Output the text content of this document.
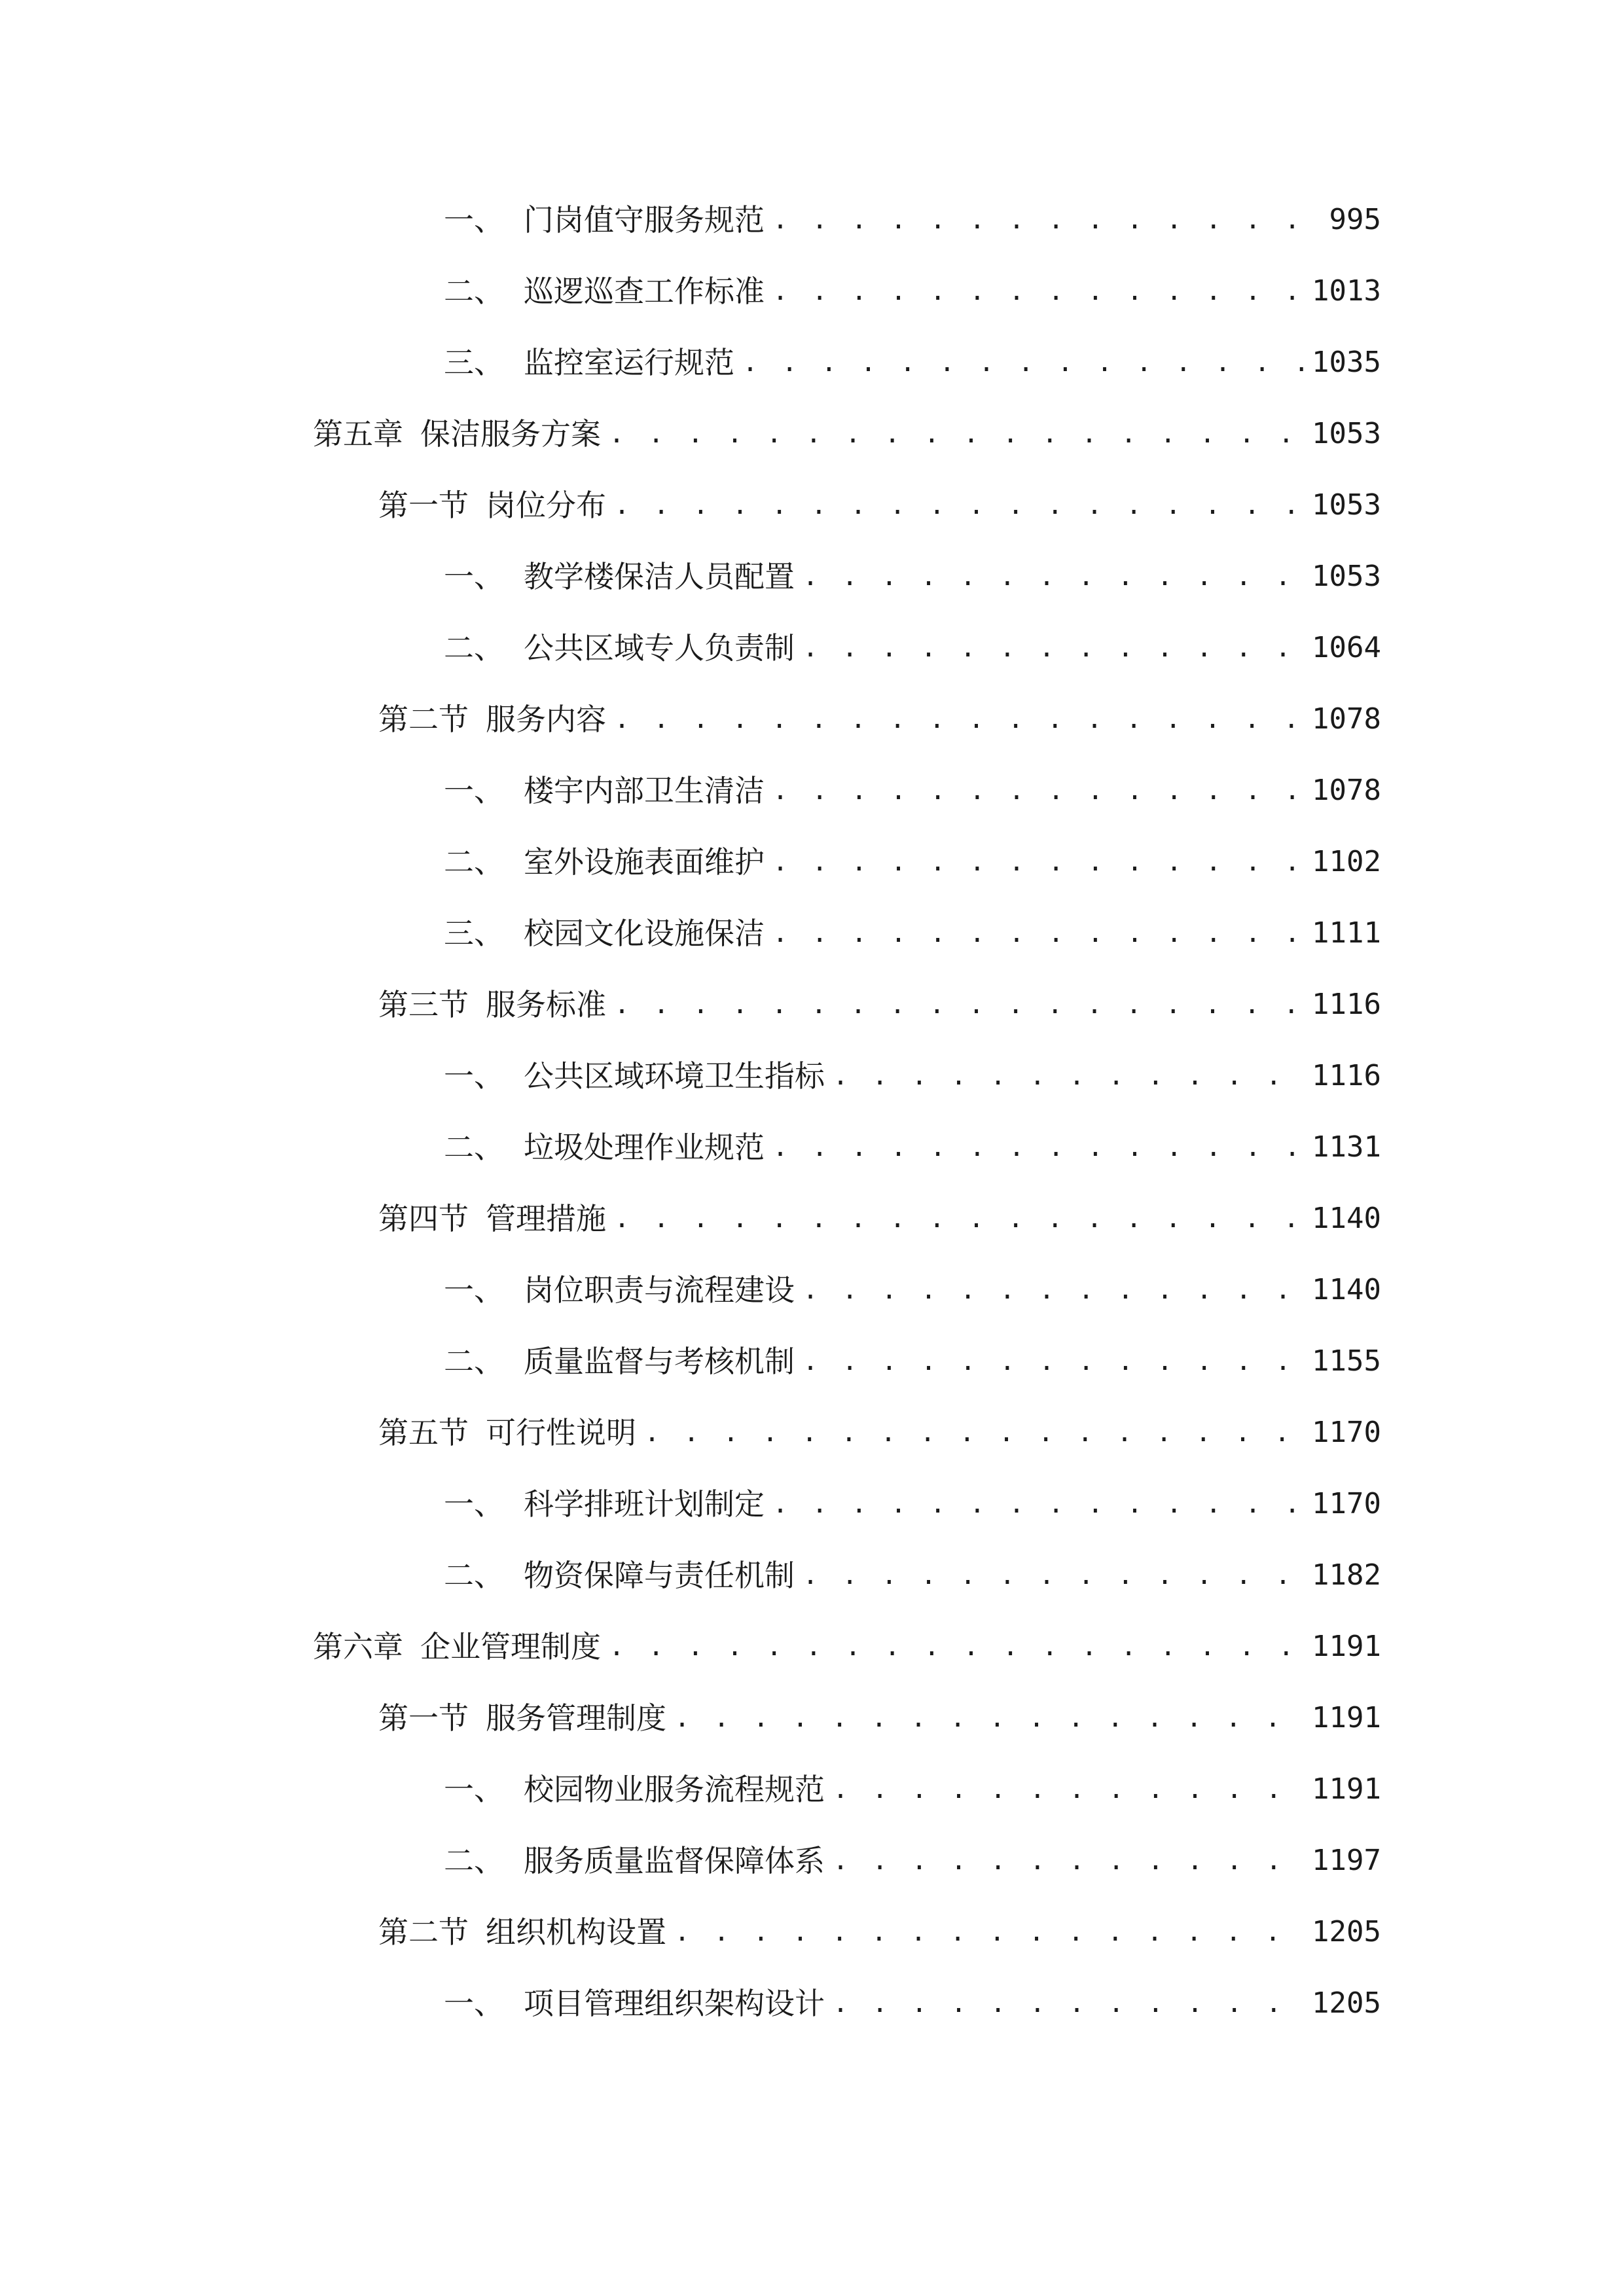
一、 门岗值守服务规范 . . .	995
二、 巡逻巡查工作标准 . . .	1013
三、 监控室运行规范 . . .	1035
第五章 保洁服务方案 . . .	1053
第一节 岗位分布 . . .	1053
一、 教学楼保洁人员配置 . . .	1053
二、 公共区域专人负责制 . . .	1064
第二节 服务内容 . . .	1078
一、 楼宇内部卫生清洁 . . .	1078
二、 室外设施表面维护 . . .	1102
三、 校园文化设施保洁 . . .	1111
第三节 服务标准 . . .	1116
一、 公共区域环境卫生指标 . . .	1116
二、 垃圾处理作业规范 . . .	1131
第四节 管理措施 . . .	1140
一、 岗位职责与流程建设 . . .	1140
二、 质量监督与考核机制 . . .	1155
第五节 可行性说明 . . .	1170
一、 科学排班计划制定 . . .	1170
二、 物资保障与责任机制 . . .	1182
第六章 企业管理制度 . . .	1191
第一节 服务管理制度 . . .	1191
一、 校园物业服务流程规范 . . .	1191
二、 服务质量监督保障体系 . . .	1197
第二节 组织机构设置 . . .	1205
一、 项目管理组织架构设计 . . .	1205
